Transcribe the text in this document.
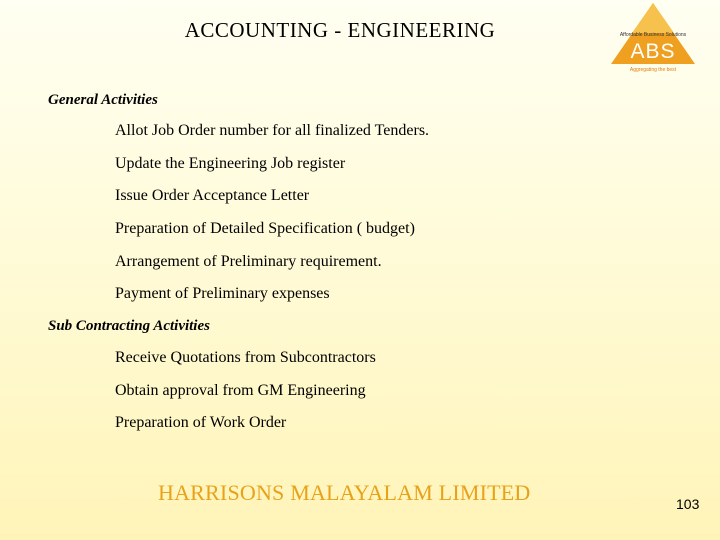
ACCOUNTING - ENGINEERING	Affordable Business Solutions
ABS
Aggregating the best
General Activities
Allot Job Order number for all finalized Tenders.
Update the Engineering Job register
Issue Order Acceptance Letter
Preparation of Detailed Specification ( budget)
Arrangement of Preliminary requirement.
Payment of Preliminary expenses
Sub Contracting Activities
Receive Quotations from Subcontractors
Obtain approval from GM Engineering
Preparation of Work Order
HARRISONS MALAYALAM LIMITED	103
